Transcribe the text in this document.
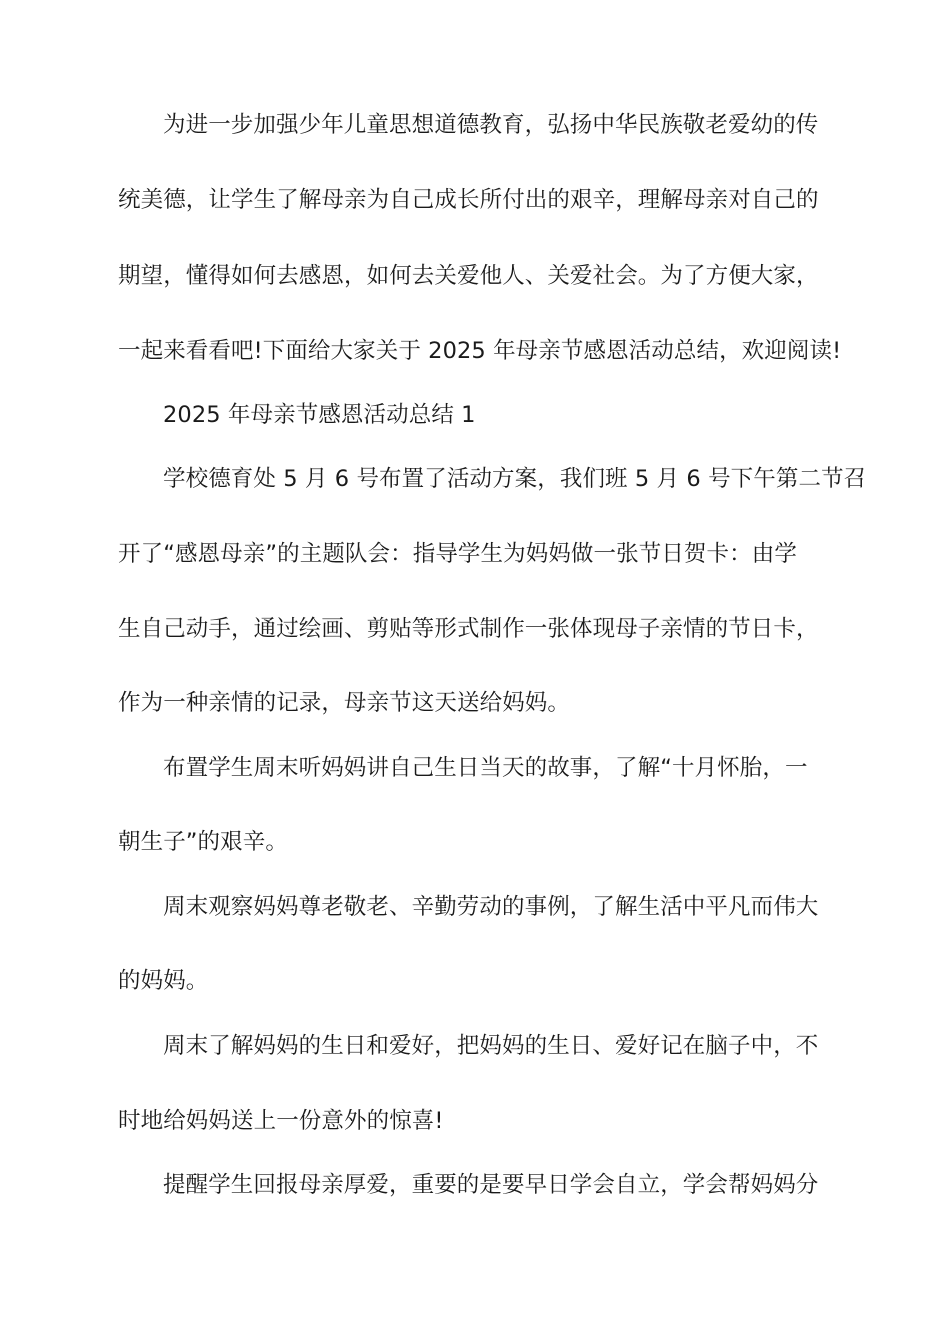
为进一步加强少年儿童思想道德教育，弘扬中华民族敬老爱幼的传

统美德，让学生了解母亲为自己成长所付出的艰辛，理解母亲对自己的

期望，懂得如何去感恩，如何去关爱他人、关爱社会。为了方便大家，

一起来看看吧!下面给大家关于 2025 年母亲节感恩活动总结，欢迎阅读!

2025 年母亲节感恩活动总结 1

学校德育处 5 月 6 号布置了活动方案，我们班 5 月 6 号下午第二节召

开了“感恩母亲”的主题队会：指导学生为妈妈做一张节日贺卡：由学

生自己动手，通过绘画、剪贴等形式制作一张体现母子亲情的节日卡，

作为一种亲情的记录，母亲节这天送给妈妈。

布置学生周末听妈妈讲自己生日当天的故事，了解“十月怀胎，一

朝生子”的艰辛。

周末观察妈妈尊老敬老、辛勤劳动的事例，了解生活中平凡而伟大

的妈妈。

周末了解妈妈的生日和爱好，把妈妈的生日、爱好记在脑子中，不

时地给妈妈送上一份意外的惊喜!

提醒学生回报母亲厚爱，重要的是要早日学会自立，学会帮妈妈分
